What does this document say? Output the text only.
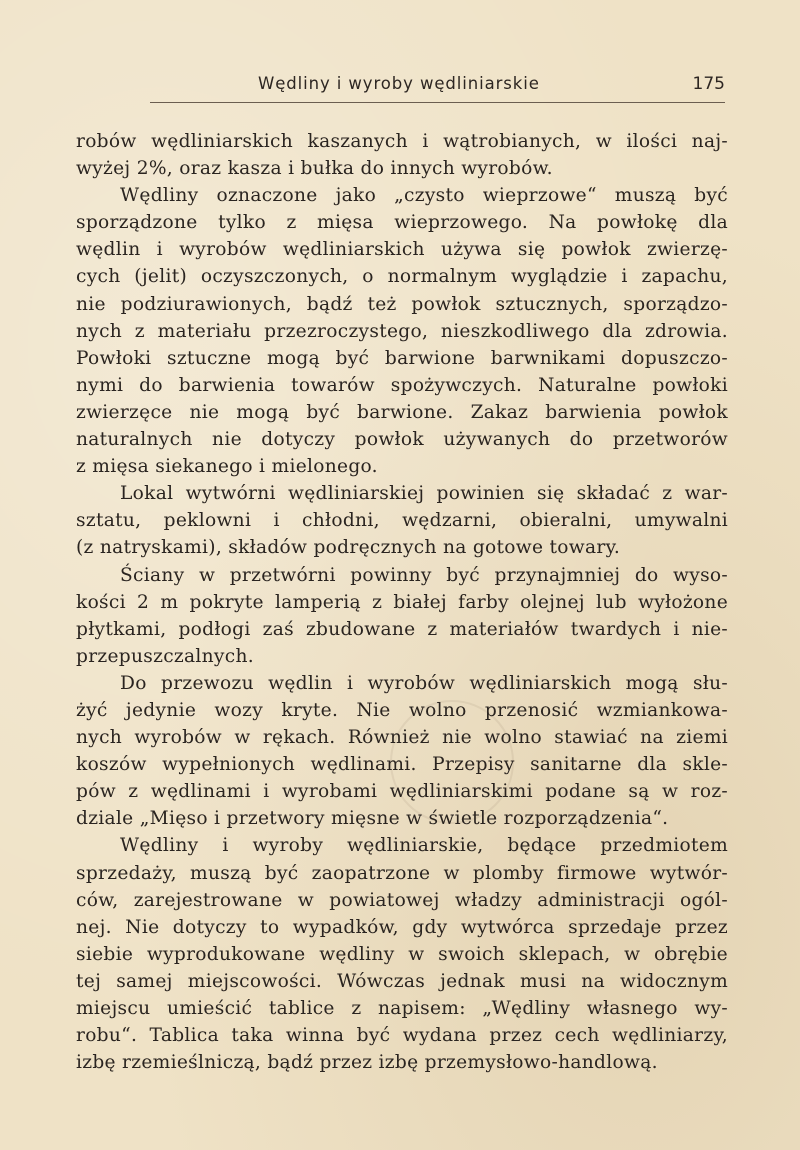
Wędliny i wyroby wędliniarskie	175
robów wędliniarskich kaszanych i wątrobianych, w ilości naj-
wyżej 2%, oraz kasza i bułka do innych wyrobów.
Wędliny oznaczone jako „czysto wieprzowe“ muszą być
sporządzone tylko z mięsa wieprzowego. Na powłokę dla
wędlin i wyrobów wędliniarskich używa się powłok zwierzę-
cych (jelit) oczyszczonych, o normalnym wyglądzie i zapachu,
nie podziurawionych, bądź też powłok sztucznych, sporządzo-
nych z materiału przezroczystego, nieszkodliwego dla zdrowia.
Powłoki sztuczne mogą być barwione barwnikami dopuszczo-
nymi do barwienia towarów spożywczych. Naturalne powłoki
zwierzęce nie mogą być barwione. Zakaz barwienia powłok
naturalnych nie dotyczy powłok używanych do przetworów
z mięsa siekanego i mielonego.
Lokal wytwórni wędliniarskiej powinien się składać z war-
sztatu, peklowni i chłodni, wędzarni, obieralni, umywalni
(z natryskami), składów podręcznych na gotowe towary.
Ściany w przetwórni powinny być przynajmniej do wyso-
kości 2 m pokryte lamperią z białej farby olejnej lub wyłożone
płytkami, podłogi zaś zbudowane z materiałów twardych i nie-
przepuszczalnych.
Do przewozu wędlin i wyrobów wędliniarskich mogą słu-
żyć jedynie wozy kryte. Nie wolno przenosić wzmiankowa-
nych wyrobów w rękach. Również nie wolno stawiać na ziemi
koszów wypełnionych wędlinami. Przepisy sanitarne dla skle-
pów z wędlinami i wyrobami wędliniarskimi podane są w roz-
dziale „Mięso i przetwory mięsne w świetle rozporządzenia“.
Wędliny i wyroby wędliniarskie, będące przedmiotem
sprzedaży, muszą być zaopatrzone w plomby firmowe wytwór-
ców, zarejestrowane w powiatowej władzy administracji ogól-
nej. Nie dotyczy to wypadków, gdy wytwórca sprzedaje przez
siebie wyprodukowane wędliny w swoich sklepach, w obrębie
tej samej miejscowości. Wówczas jednak musi na widocznym
miejscu umieścić tablice z napisem: „Wędliny własnego wy-
robu“. Tablica taka winna być wydana przez cech wędliniarzy,
izbę rzemieślniczą, bądź przez izbę przemysłowo-handlową.
